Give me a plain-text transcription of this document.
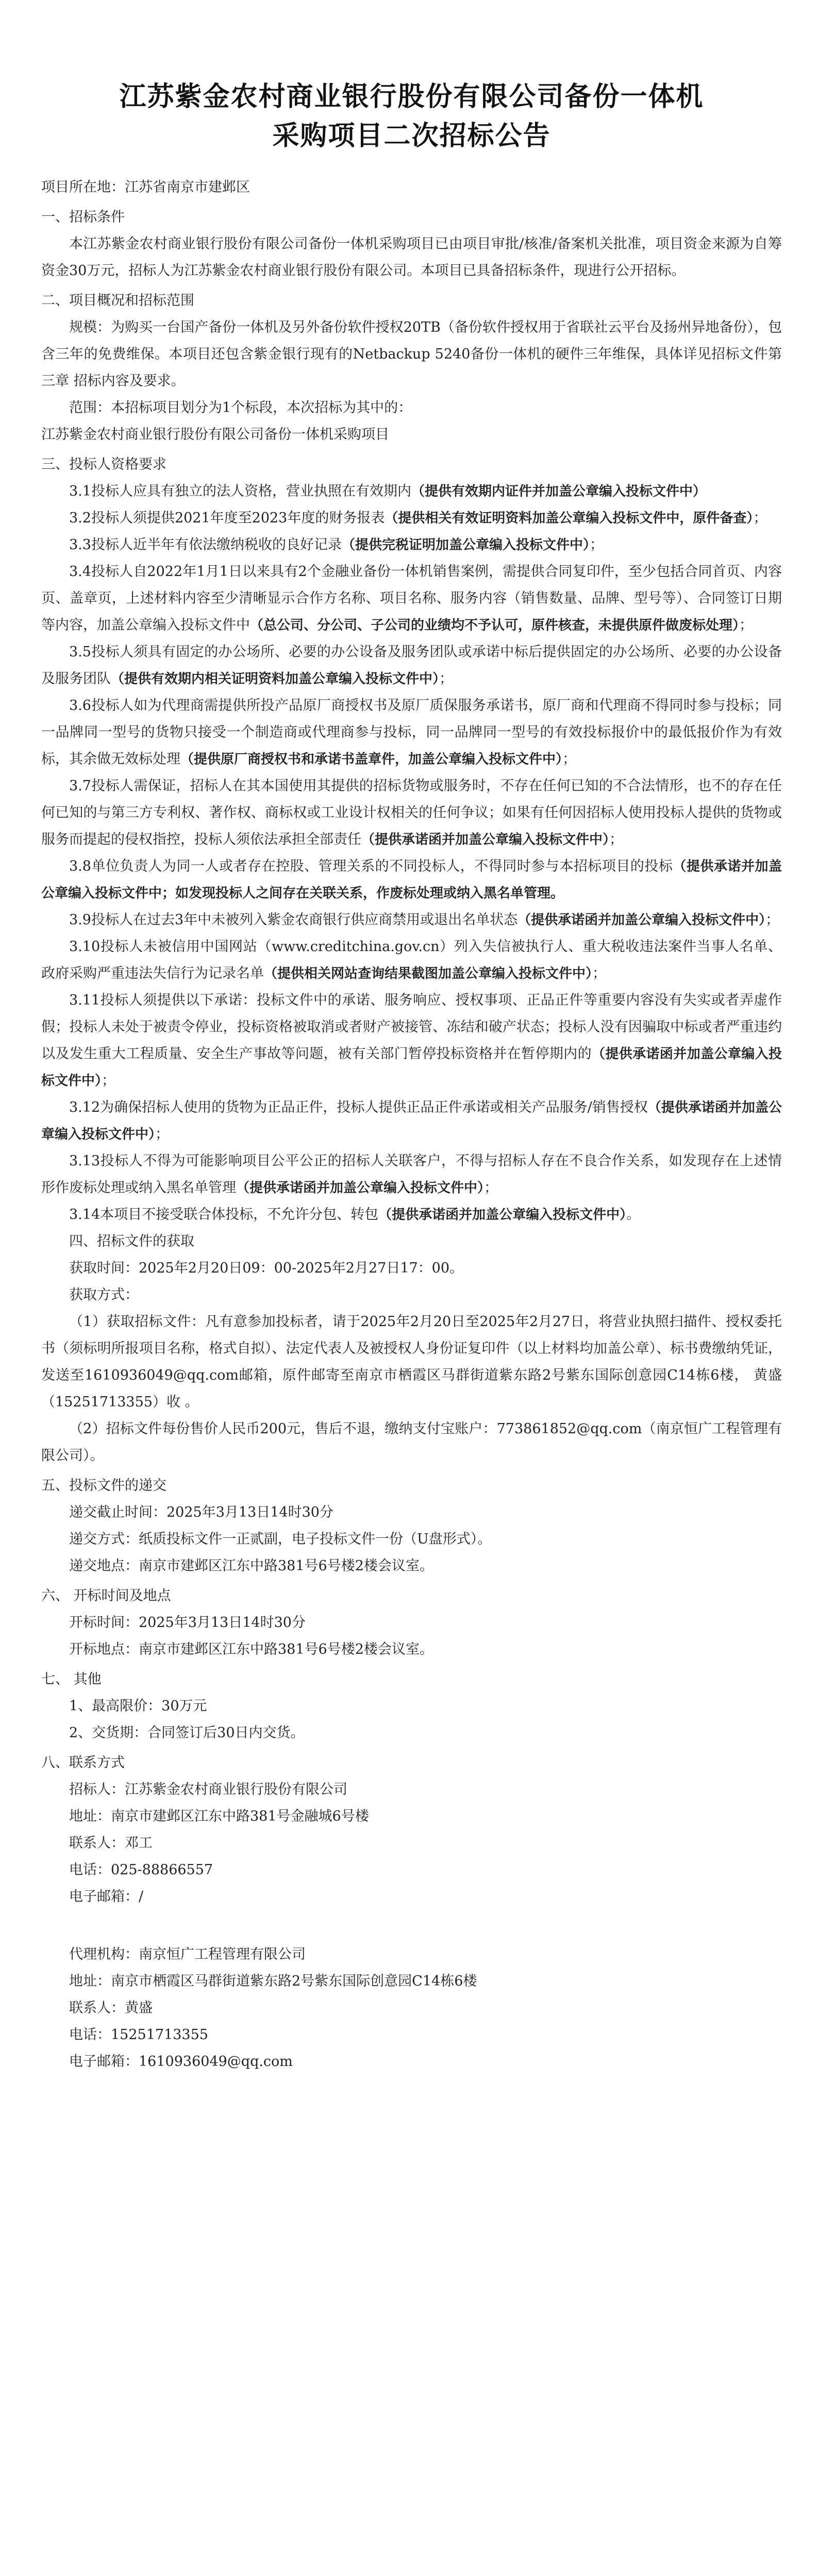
江苏紫金农村商业银行股份有限公司备份一体机
采购项目二次招标公告

项目所在地：江苏省南京市建邺区

一、招标条件

本江苏紫金农村商业银行股份有限公司备份一体机采购项目已由项目审批/核准/备案机关批准，项目资金来源为自筹资金30万元，招标人为江苏紫金农村商业银行股份有限公司。本项目已具备招标条件，现进行公开招标。

二、项目概况和招标范围

规模：为购买一台国产备份一体机及另外备份软件授权20TB（备份软件授权用于省联社云平台及扬州异地备份），包含三年的免费维保。本项目还包含紫金银行现有的Netbackup 5240备份一体机的硬件三年维保，具体详见招标文件第三章 招标内容及要求。

范围：本招标项目划分为1个标段，本次招标为其中的：

江苏紫金农村商业银行股份有限公司备份一体机采购项目

三、投标人资格要求

3.1投标人应具有独立的法人资格，营业执照在有效期内（提供有效期内证件并加盖公章编入投标文件中）

3.2投标人须提供2021年度至2023年度的财务报表（提供相关有效证明资料加盖公章编入投标文件中，原件备查）；

3.3投标人近半年有依法缴纳税收的良好记录（提供完税证明加盖公章编入投标文件中）；

3.4投标人自2022年1月1日以来具有2个金融业备份一体机销售案例，需提供合同复印件，至少包括合同首页、内容页、盖章页，上述材料内容至少清晰显示合作方名称、项目名称、服务内容（销售数量、品牌、型号等）、合同签订日期等内容，加盖公章编入投标文件中（总公司、分公司、子公司的业绩均不予认可，原件核查，未提供原件做废标处理）；

3.5投标人须具有固定的办公场所、必要的办公设备及服务团队或承诺中标后提供固定的办公场所、必要的办公设备及服务团队（提供有效期内相关证明资料加盖公章编入投标文件中）；

3.6投标人如为代理商需提供所投产品原厂商授权书及原厂质保服务承诺书，原厂商和代理商不得同时参与投标；同一品牌同一型号的货物只接受一个制造商或代理商参与投标，同一品牌同一型号的有效投标报价中的最低报价作为有效标，其余做无效标处理（提供原厂商授权书和承诺书盖章件，加盖公章编入投标文件中）；

3.7投标人需保证，招标人在其本国使用其提供的招标货物或服务时，不存在任何已知的不合法情形，也不的存在任何已知的与第三方专利权、著作权、商标权或工业设计权相关的任何争议；如果有任何因招标人使用投标人提供的货物或服务而提起的侵权指控，投标人须依法承担全部责任（提供承诺函并加盖公章编入投标文件中）；

3.8单位负责人为同一人或者存在控股、管理关系的不同投标人，不得同时参与本招标项目的投标（提供承诺并加盖公章编入投标文件中；如发现投标人之间存在关联关系，作废标处理或纳入黑名单管理。

3.9投标人在过去3年中未被列入紫金农商银行供应商禁用或退出名单状态（提供承诺函并加盖公章编入投标文件中）；

3.10投标人未被信用中国网站（www.creditchina.gov.cn）列入失信被执行人、重大税收违法案件当事人名单、政府采购严重违法失信行为记录名单（提供相关网站查询结果截图加盖公章编入投标文件中）；

3.11投标人须提供以下承诺：投标文件中的承诺、服务响应、授权事项、正品正件等重要内容没有失实或者弄虚作假；投标人未处于被责令停业，投标资格被取消或者财产被接管、冻结和破产状态；投标人没有因骗取中标或者严重违约以及发生重大工程质量、安全生产事故等问题，被有关部门暂停投标资格并在暂停期内的（提供承诺函并加盖公章编入投标文件中）；

3.12为确保招标人使用的货物为正品正件，投标人提供正品正件承诺或相关产品服务/销售授权（提供承诺函并加盖公章编入投标文件中）；

3.13投标人不得为可能影响项目公平公正的招标人关联客户，不得与招标人存在不良合作关系，如发现存在上述情形作废标处理或纳入黑名单管理（提供承诺函并加盖公章编入投标文件中）；

3.14本项目不接受联合体投标，不允许分包、转包（提供承诺函并加盖公章编入投标文件中）。

四、招标文件的获取

获取时间：2025年2月20日09：00-2025年2月27日17：00。

获取方式：

（1）获取招标文件：凡有意参加投标者，请于2025年2月20日至2025年2月27日，将营业执照扫描件、授权委托书（须标明所报项目名称，格式自拟）、法定代表人及被授权人身份证复印件（以上材料均加盖公章）、标书费缴纳凭证，发送至1610936049@qq.com邮箱，原件邮寄至南京市栖霞区马群街道紫东路2号紫东国际创意园C14栋6楼， 黄盛（15251713355）收 。

（2）招标文件每份售价人民币200元，售后不退，缴纳支付宝账户：773861852@qq.com（南京恒广工程管理有限公司）。

五、投标文件的递交

递交截止时间：2025年3月13日14时30分

递交方式：纸质投标文件一正贰副，电子投标文件一份（U盘形式）。

递交地点：南京市建邺区江东中路381号6号楼2楼会议室。

六、 开标时间及地点

开标时间：2025年3月13日14时30分

开标地点：南京市建邺区江东中路381号6号楼2楼会议室。

七、 其他

1、最高限价：30万元

2、交货期：合同签订后30日内交货。

八、联系方式

招标人：江苏紫金农村商业银行股份有限公司

地址：南京市建邺区江东中路381号金融城6号楼

联系人：邓工

电话：025-88866557

电子邮箱：/

代理机构：南京恒广工程管理有限公司

地址：南京市栖霞区马群街道紫东路2号紫东国际创意园C14栋6楼

联系人：黄盛

电话：15251713355

电子邮箱：1610936049@qq.com
